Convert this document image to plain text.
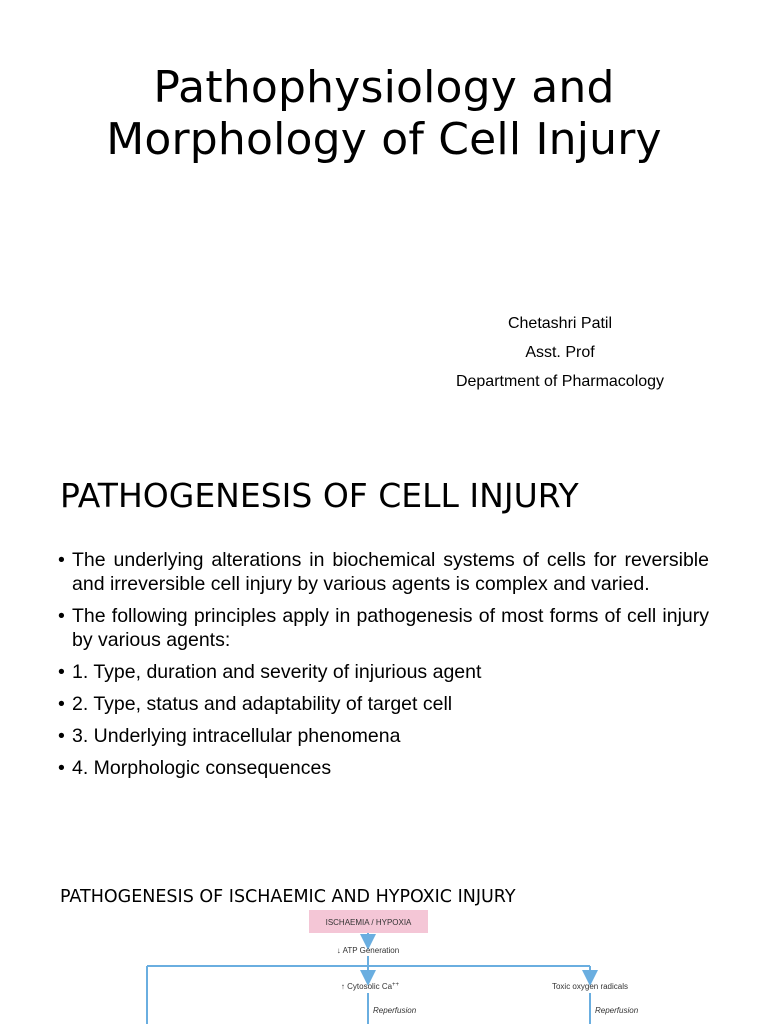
Pathophysiology and Morphology of Cell Injury
Chetashri Patil
Asst. Prof
Department of Pharmacology
PATHOGENESIS OF CELL INJURY
• The underlying alterations in biochemical systems of cells for reversible and irreversible cell injury by various agents is complex and varied.
• The following principles apply in pathogenesis of most forms of cell injury by various agents:
• 1. Type, duration and severity of injurious agent
• 2. Type, status and adaptability of target cell
• 3. Underlying intracellular phenomena
• 4. Morphologic consequences
ISCHAEMIA / HYPOXIA
↓ ATP Generation
↑ Cytosolic Ca++	Toxic oxygen radicals
Reperfusion	Reperfusion
PATHOGENESIS OF ISCHAEMIC AND HYPOXIC INJURY
